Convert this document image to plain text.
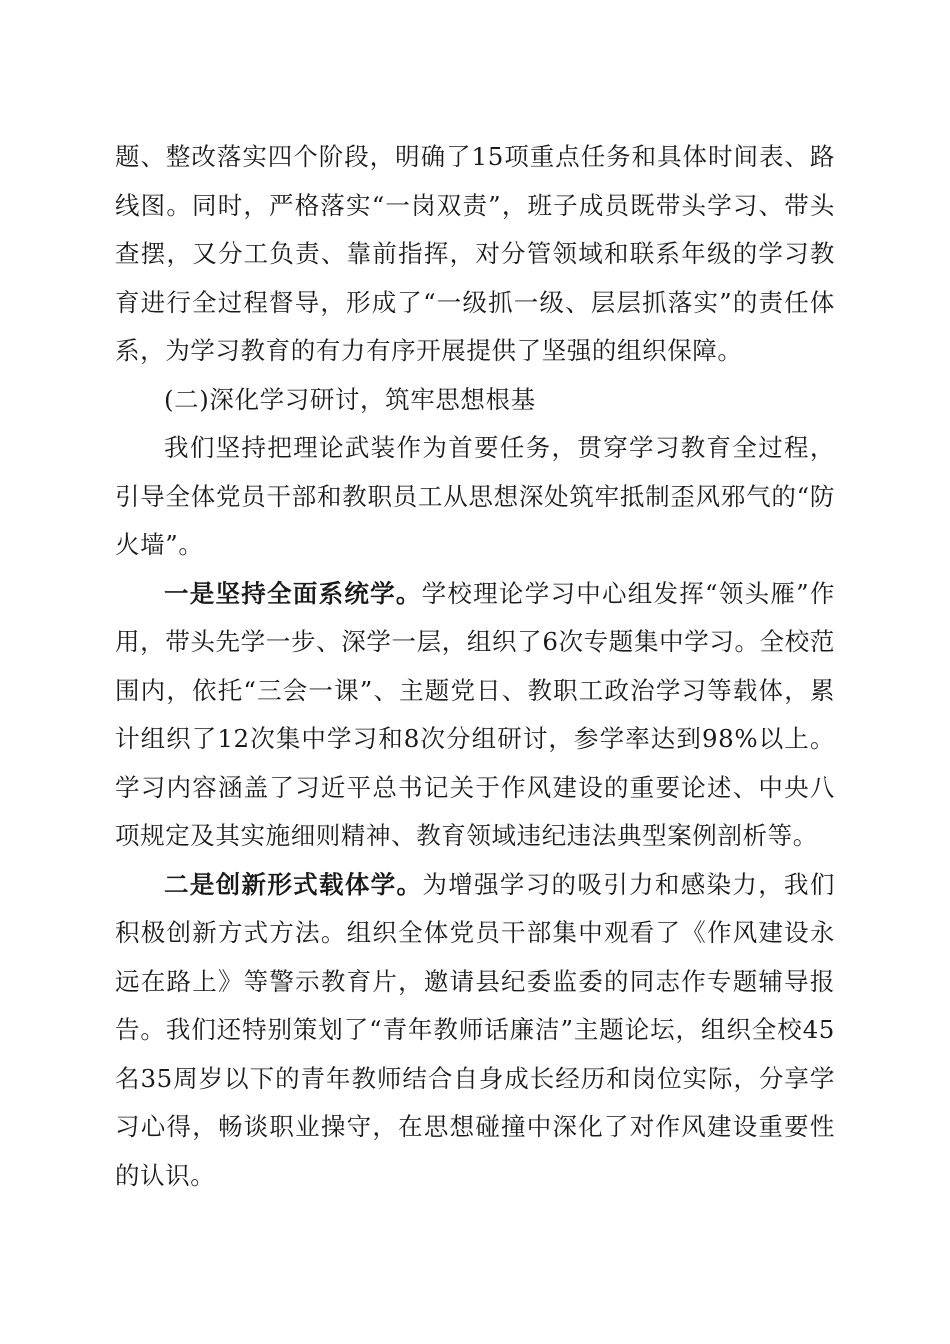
题、整改落实四个阶段，明确了15项重点任务和具体时间表、路线图。同时，严格落实“一岗双责”，班子成员既带头学习、带头查摆，又分工负责、靠前指挥，对分管领域和联系年级的学习教育进行全过程督导，形成了“一级抓一级、层层抓落实”的责任体系，为学习教育的有力有序开展提供了坚强的组织保障。

(二)深化学习研讨，筑牢思想根基

我们坚持把理论武装作为首要任务，贯穿学习教育全过程，引导全体党员干部和教职员工从思想深处筑牢抵制歪风邪气的“防火墙”。

一是坚持全面系统学。学校理论学习中心组发挥“领头雁”作用，带头先学一步、深学一层，组织了6次专题集中学习。全校范围内，依托“三会一课”、主题党日、教职工政治学习等载体，累计组织了12次集中学习和8次分组研讨，参学率达到98%以上。学习内容涵盖了习近平总书记关于作风建设的重要论述、中央八项规定及其实施细则精神、教育领域违纪违法典型案例剖析等。

二是创新形式载体学。为增强学习的吸引力和感染力，我们积极创新方式方法。组织全体党员干部集中观看了《作风建设永远在路上》等警示教育片，邀请县纪委监委的同志作专题辅导报告。我们还特别策划了“青年教师话廉洁”主题论坛，组织全校45名35周岁以下的青年教师结合自身成长经历和岗位实际，分享学习心得，畅谈职业操守，在思想碰撞中深化了对作风建设重要性的认识。
